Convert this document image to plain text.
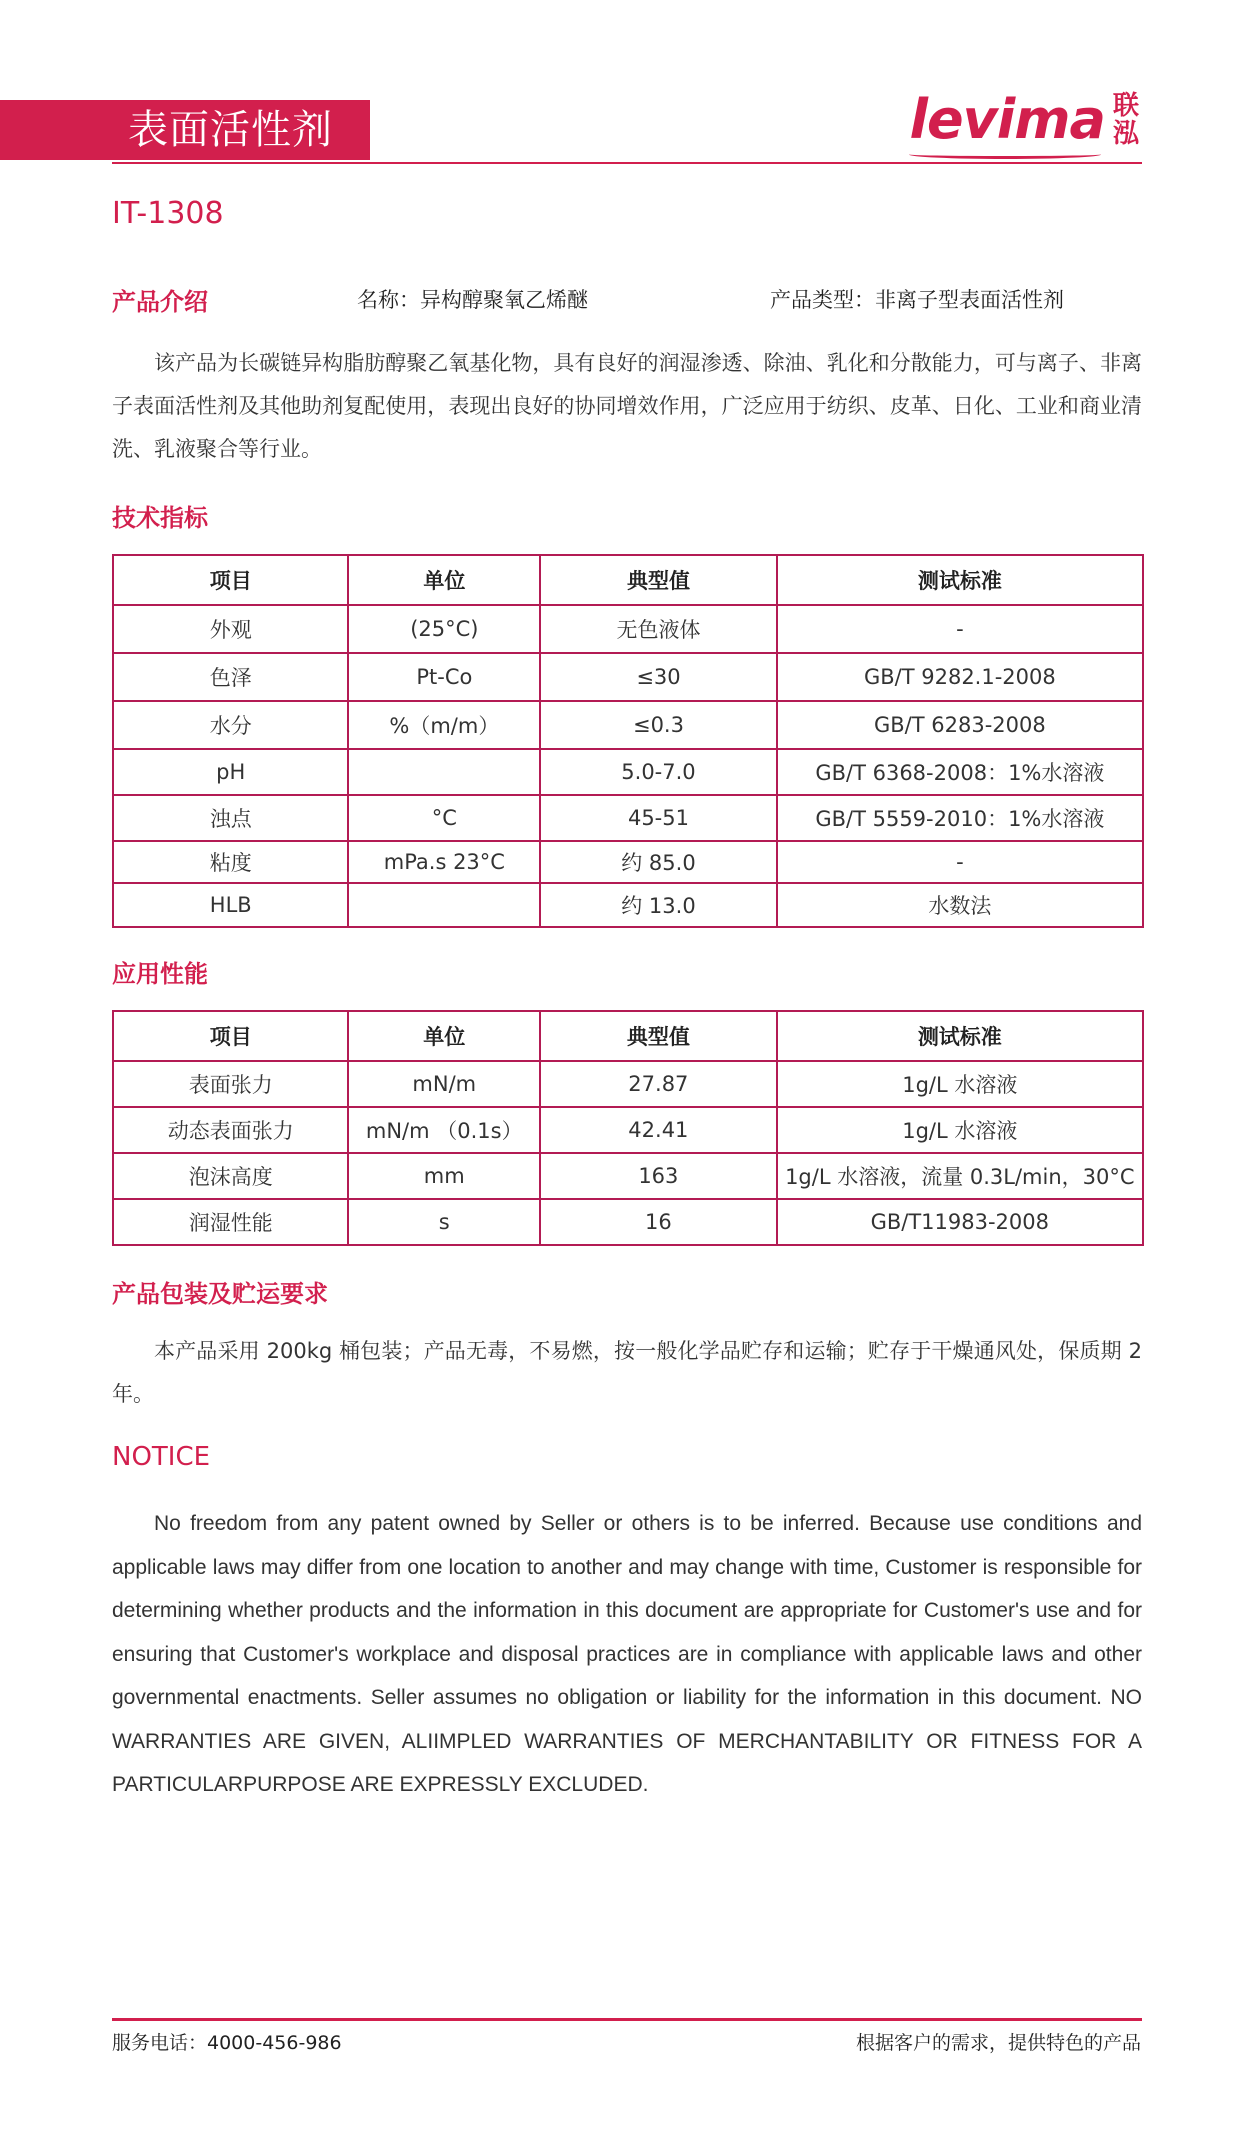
表面活性剂	levima 联泓
IT-1308
产品介绍	名称：异构醇聚氧乙烯醚	产品类型：非离子型表面活性剂
该产品为长碳链异构脂肪醇聚乙氧基化物，具有良好的润湿渗透、除油、乳化和分散能力，可与离子、非离子表面活性剂及其他助剂复配使用，表现出良好的协同增效作用，广泛应用于纺织、皮革、日化、工业和商业清洗、乳液聚合等行业。
技术指标
项目	单位	典型值	测试标准
外观	(25°C)	无色液体	-
色泽	Pt-Co	≤30	GB/T 9282.1-2008
水分	%（m/m）	≤0.3	GB/T 6283-2008
pH		5.0-7.0	GB/T 6368-2008：1%水溶液
浊点	°C	45-51	GB/T 5559-2010：1%水溶液
粘度	mPa.s 23°C	约 85.0	-
HLB		约 13.0	水数法
应用性能
项目	单位	典型值	测试标准
表面张力	mN/m	27.87	1g/L 水溶液
动态表面张力	mN/m （0.1s）	42.41	1g/L 水溶液
泡沫高度	mm	163	1g/L 水溶液，流量 0.3L/min，30°C
润湿性能	s	16	GB/T11983-2008
产品包装及贮运要求
本产品采用 200kg 桶包装；产品无毒，不易燃，按一般化学品贮存和运输；贮存于干燥通风处，保质期 2 年。
NOTICE
No freedom from any patent owned by Seller or others is to be inferred. Because use conditions and applicable laws may differ from one location to another and may change with time, Customer is responsible for determining whether products and the information in this document are appropriate for Customer's use and for ensuring that Customer's workplace and disposal practices are in compliance with applicable laws and other governmental enactments. Seller assumes no obligation or liability for the information in this document. NO WARRANTIES ARE GIVEN, ALIIMPLED WARRANTIES OF MERCHANTABILITY OR FITNESS FOR A PARTICULARPURPOSE ARE EXPRESSLY EXCLUDED.
服务电话：4000-456-986	根据客户的需求，提供特色的产品
